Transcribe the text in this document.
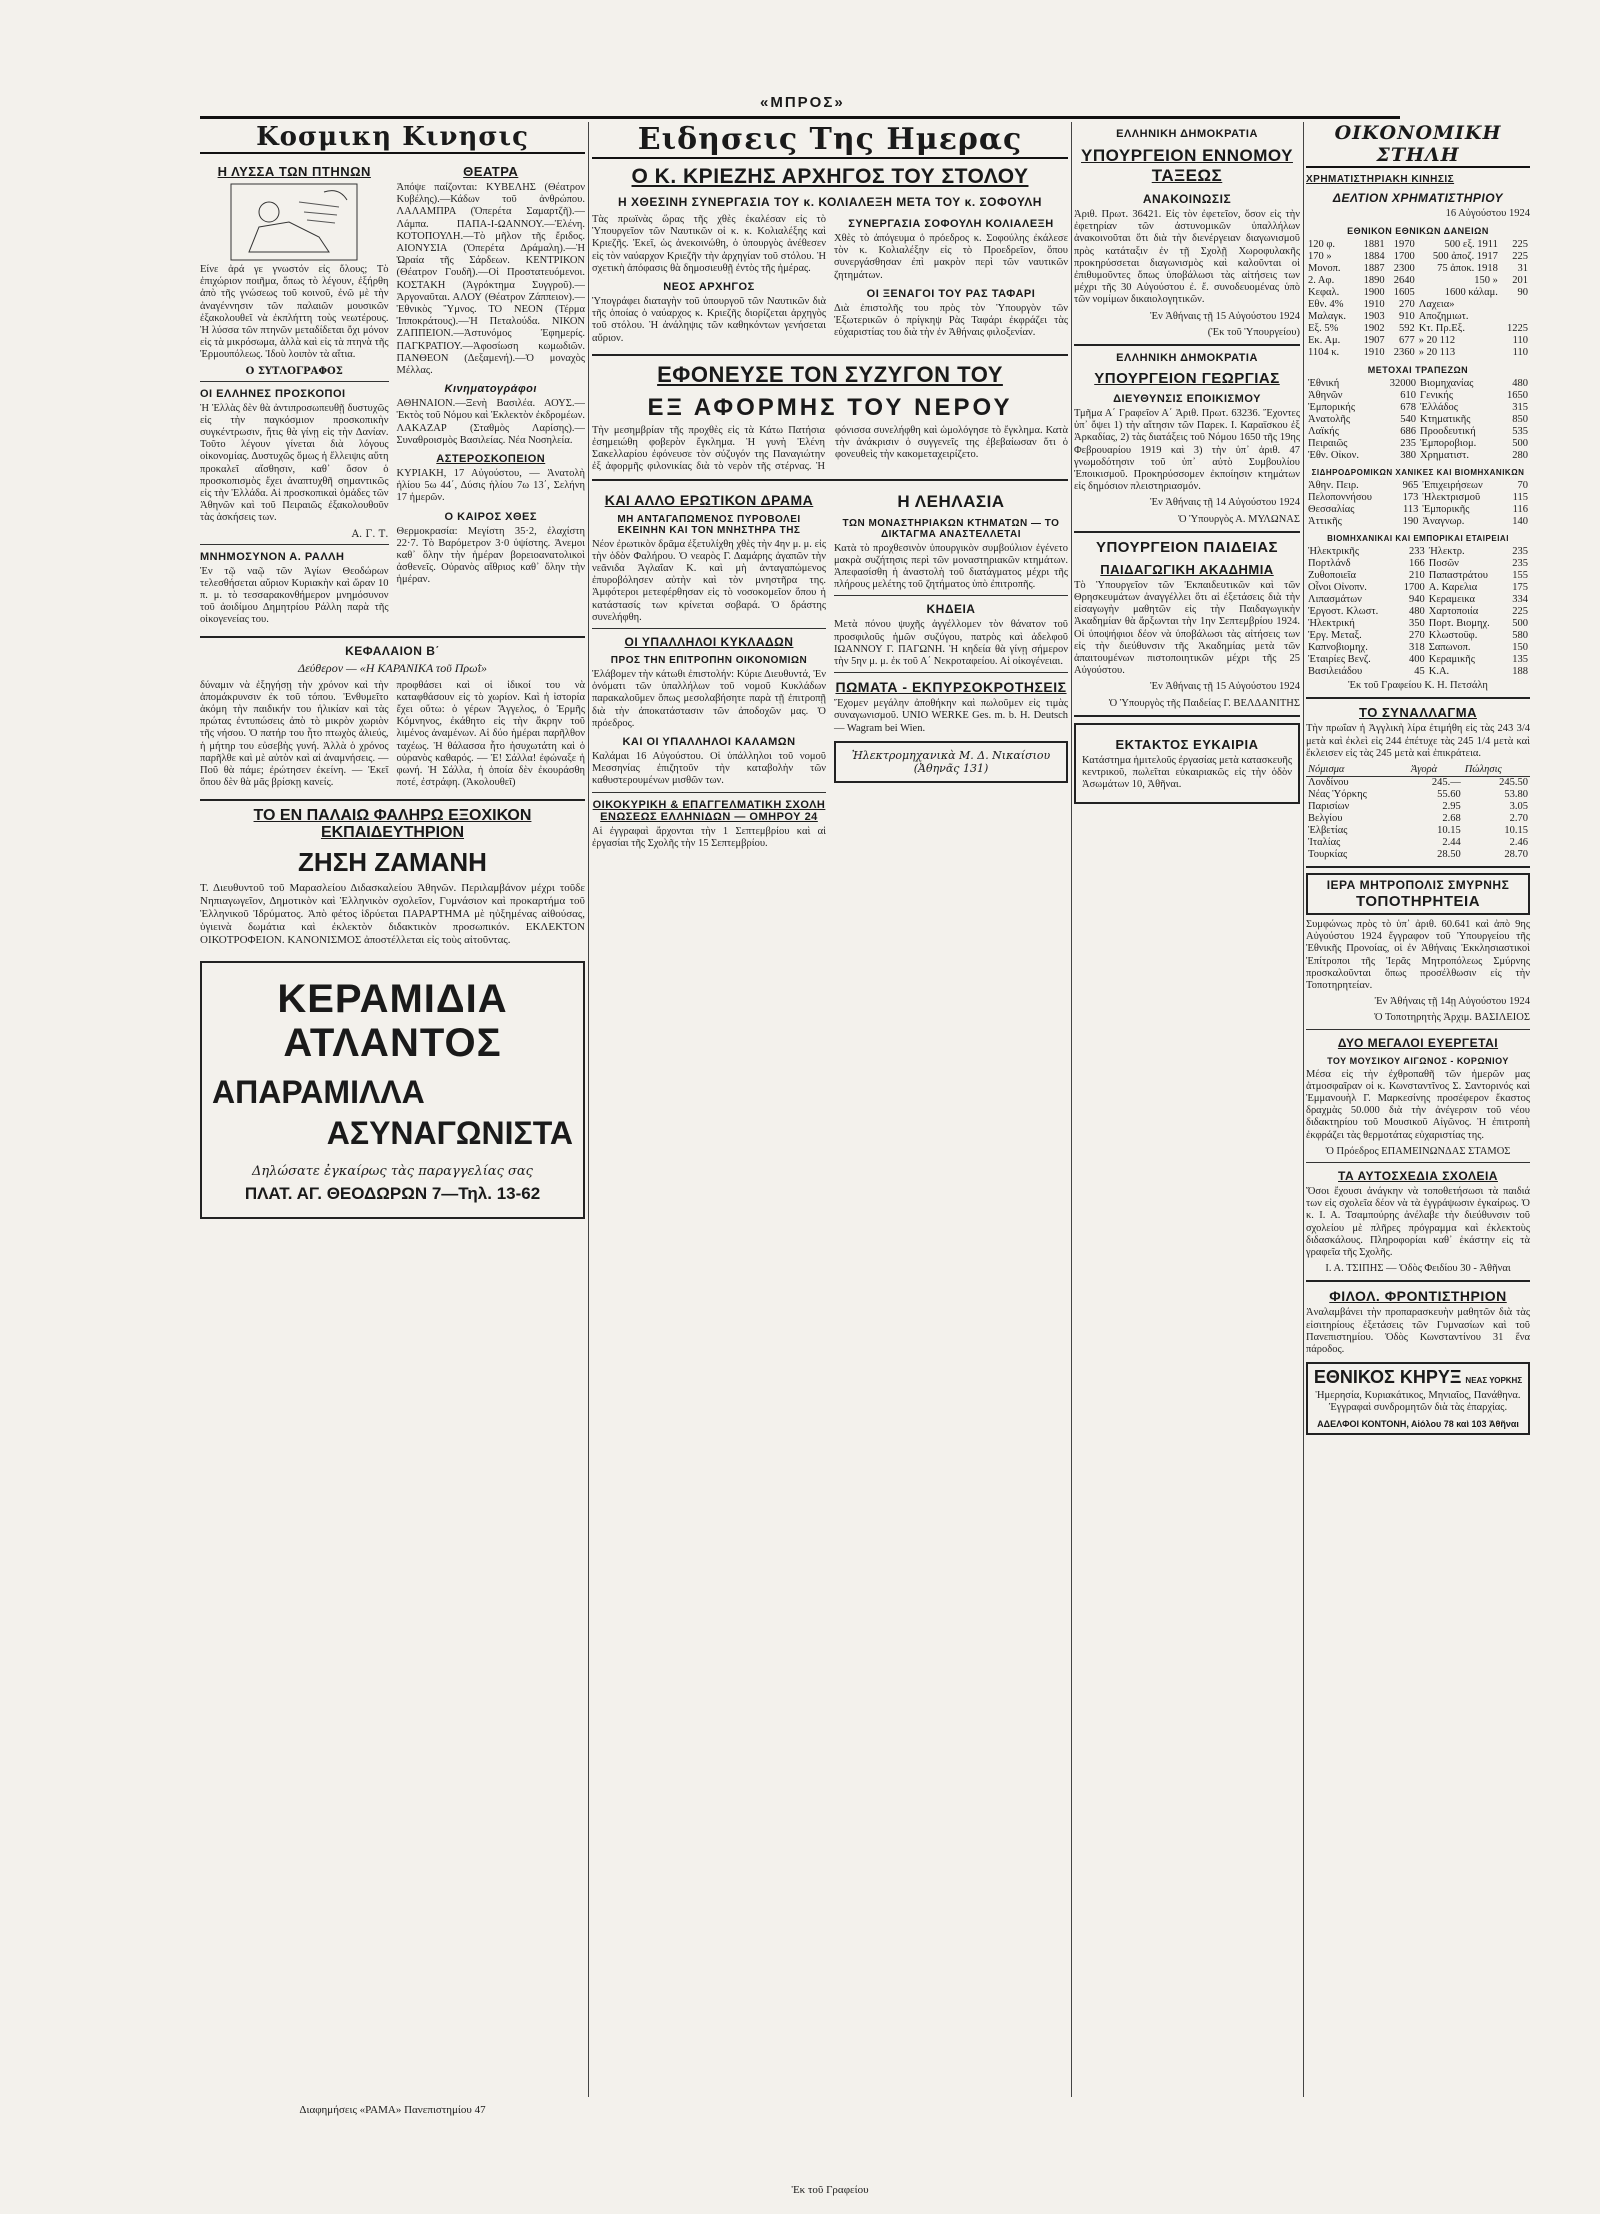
«ΜΠΡΟΣ»
Κοσμικη Κινησις
Η ΛΥΣΣΑ ΤΩΝ ΠΤΗΝΩΝ
Είνε ἀρά γε γνωστόν εἰς ὅλους; Τὸ ἐπιχώριον ποιῆμα, ὅπως τὸ λέγουν, ἐξήρθη ἀπὸ τῆς γνώσεως τοῦ κοινοῦ, ἐνῶ μὲ τὴν ἀναγέννησιν τῶν παλαιῶν μουσικῶν ἐξακολουθεῖ νὰ ἐκπλήττη τοὺς νεωτέρους. Ἡ λύσσα τῶν πτηνῶν μεταδίδεται ὄχι μόνον εἰς τὰ μικρόσωμα, ἀλλὰ καὶ εἰς τὰ πτηνὰ τῆς Ἐρμουπόλεως. Ἰδοὺ λοιπὸν τὰ αἴτια.
Ο ΣΥΤΛΟΓΡΑΦΟΣ
ΟΙ ΕΛΛΗΝΕΣ ΠΡΟΣΚΟΠΟΙ
Ἡ Ἑλλὰς δὲν θὰ ἀντιπροσωπευθῇ δυστυχῶς εἰς τὴν παγκόσμιον προσκοπικὴν συγκέντρωσιν, ἥτις θὰ γίνῃ εἰς τὴν Δανίαν. Τοῦτο λέγουν γίνεται διὰ λόγους οἰκονομίας. Δυστυχῶς ὅμως ἡ ἔλλειψις αὕτη προκαλεῖ αἴσθησιν, καθ᾽ ὅσον ὁ προσκοπισμὸς ἔχει ἀναπτυχθῆ σημαντικῶς εἰς τὴν Ἑλλάδα. Αἱ προσκοπικαὶ ὁμάδες τῶν Ἀθηνῶν καὶ τοῦ Πειραιῶς ἐξακολουθοῦν τὰς ἀσκήσεις των.
Α. Γ. Τ.
ΜΝΗΜΟΣΥΝΟΝ Α. ΡΑΛΛΗ
Ἐν τῷ ναῷ τῶν Ἁγίων Θεοδώρων τελεσθήσεται αὔριον Κυριακὴν καὶ ὥραν 10 π. μ. τὸ τεσσαρακονθήμερον μνημόσυνον τοῦ ἀοιδίμου Δημητρίου Ράλλη παρὰ τῆς οἰκογενείας του.
ΘΕΑΤΡΑ
Ἀπόψε παίζονται: ΚΥΒΕΛΗΣ (Θέατρον Κυβέλης).—Κάδων τοῦ ἀνθρώπου. ΛΑΛΑΜΠΡΑ (Ὀπερέτα Σαμαρτζῆ).—Λάμπα. ΠΑΠΑ-Ι-ΩΑΝΝΟΥ.—Ἐλένη. ΚΟΤΟΠΟΥΛΗ.—Τὸ μῆλον τῆς ἔριδος. ΑΙΟΝΥΣΙΑ (Ὀπερέτα Δράμαλη).—Ἡ Ὡραία τῆς Σάρδεων. ΚΕΝΤΡΙΚΟΝ (Θέατρον Γουδῆ).—Οἱ Προστατευόμενοι. ΚΟΣΤΑΚΗ (Ἀγρόκτημα Συγγροῦ).—Ἀργοναῦται. ΑΛΟΥ (Θέατρον Ζάππειον).—Ἐθνικὸς Ὕμνος. ΤΟ ΝΕΟΝ (Τέρμα Ἱπποκράτους).—Ἡ Πεταλούδα. ΝΙΚΟΝ ΖΑΠΠΕΙΟΝ.—Ἀστυνόμος Ἐφημερίς. ΠΑΓΚΡΑΤΙΟΥ.—Ἀφοσίωση κωμωδιῶν. ΠΑΝΘΕΟΝ (Δεξαμενή).—Ὁ μοναχὸς Μέλλας.
Κινηματογράφοι
ΑΘΗΝΑΙΟΝ.—Ξενὴ Βασιλέα. ΑΟΥΣ.—Ἐκτὸς τοῦ Νόμου καὶ Ἐκλεκτὸν ἐκδρομέων. ΛΑΚΑΖΑΡ (Σταθμὸς Λαρίσης).—Συναθροισμὸς Βασιλείας. Νέα Νοσηλεία.
ΑΣΤΕΡΟΣΚΟΠΕΙΟΝ
ΚΥΡΙΑΚΗ, 17 Αὐγούστου, — Ἀνατολὴ ἡλίου 5ω 44΄, Δύσις ἡλίου 7ω 13΄, Σελήνη 17 ἡμερῶν.
Ο ΚΑΙΡΟΣ ΧΘΕΣ
Θερμοκρασία: Μεγίστη 35·2, ἐλαχίστη 22·7. Τὸ Βαρόμετρον 3·0 ὑψίστης. Ἀνεμοι καθ᾽ ὅλην τὴν ἡμέραν βορειοανατολικοὶ ἀσθενεῖς. Οὐρανὸς αἴθριος καθ᾽ ὅλην τὴν ἡμέραν.
ΚΕΦΑΛΑΙΟΝ Β΄
Δεύθερον — «Η ΚΑΡΑΝΙΚΑ τοῦ Πρωῒ»
δύναμιν νὰ ἐξηγήσῃ τὴν χρόνον καὶ τὴν ἀπομάκρυνσιν ἐκ τοῦ τόπου. Ἐνθυμεῖτο ἀκόμη τὴν παιδικήν του ἡλικίαν καὶ τὰς πρώτας ἐντυπώσεις ἀπὸ τὸ μικρὸν χωριὸν τῆς νήσου. Ὁ πατήρ του ἦτο πτωχὸς ἁλιεύς, ἡ μήτηρ του εὐσεβὴς γυνή. Ἀλλὰ ὁ χρόνος παρῆλθε καὶ μὲ αὐτὸν καὶ αἱ ἀναμνήσεις. — Ποῦ θὰ πάμε; ἐρώτησεν ἐκείνη. — Ἐκεῖ ὅπου δὲν θὰ μᾶς βρίσκῃ κανείς.
προφθάσει καὶ οἱ ἰδικοί του νὰ καταφθάσουν εἰς τὸ χωρίον. Καὶ ἡ ἰστορία ἔχει οὕτω: ὁ γέρων Ἄγγελος, ὁ Ἐρμῆς Κόμνηνος, ἐκάθητο εἰς τὴν ἄκρην τοῦ λιμένος ἀναμένων. Αἱ δύο ἡμέραι παρῆλθον ταχέως. Ἡ θάλασσα ἦτο ἡσυχωτάτη καὶ ὁ οὐρανὸς καθαρός. — Ἐ! Σάλλα! ἐφώναξε ἡ φωνή. Ἡ Σάλλα, ἡ ὁποία δὲν ἐκουράσθη ποτέ, ἐστράφη. (Ἀκολουθεῖ)
ΤΟ ΕΝ ΠΑΛΑΙΩ ΦΑΛΗΡΩ ΕΞΟΧΙΚΟΝ ΕΚΠΑΙΔΕΥΤΗΡΙΟΝ
ΖΗΣΗ ΖΑΜΑΝΗ
Τ. Διευθυντοῦ τοῦ Μαρασλείου Διδασκαλείου Ἀθηνῶν. Περιλαμβάνον μέχρι τοῦδε Νηπιαγωγεῖον, Δημοτικὸν καὶ Ἑλληνικὸν σχολεῖον, Γυμνάσιον καὶ προκαρτήμα τοῦ Ἑλληνικοῦ Ἰδρύματος. Ἀπὸ φέτος ἱδρύεται ΠΑΡΑΡΤΗΜΑ μὲ ηὐξημένας αἰθούσας, ὑγιεινὰ δωμάτια καὶ ἐκλεκτὸν διδακτικὸν προσωπικόν. ΕΚΛΕΚΤΟΝ ΟΙΚΟΤΡΟΦΕΙΟΝ. ΚΑΝΟΝΙΣΜΟΣ ἀποστέλλεται εἰς τοὺς αἰτοῦντας.
ΚΕΡΑΜΙΔΙΑ ΑΤΛΑΝΤΟΣ
ΑΠΑΡΑΜΙΛΛΑ
ΑΣΥΝΑΓΩΝΙΣΤΑ
Δηλώσατε ἐγκαίρως τὰς παραγγελίας σας
ΠΛΑΤ. ΑΓ. ΘΕΟΔΩΡΩΝ 7—Τηλ. 13-62
Διαφημήσεις «ΡΑΜΑ» Πανεπιστημίου 47
Ειδησεις Της Ημερας
Ο Κ. ΚΡΙΕΖΗΣ ΑΡΧΗΓΟΣ ΤΟΥ ΣΤΟΛΟΥ
Η ΧΘΕΣΙΝΗ ΣΥΝΕΡΓΑΣΙΑ ΤΟΥ κ. ΚΟΛΙΑΛΕΞΗ ΜΕΤΑ ΤΟΥ κ. ΣΟΦΟΥΛΗ
Τὰς πρωϊνὰς ὥρας τῆς χθὲς ἐκαλέσαν εἰς τὸ Ὑπουργεῖον τῶν Ναυτικῶν οἱ κ. κ. Κολιαλέξης καὶ Κριεζῆς. Ἐκεῖ, ὡς ἀνεκοινώθη, ὁ ὑπουργὸς ἀνέθεσεν εἰς τὸν ναύαρχον Κριεζῆν τὴν ἀρχηγίαν τοῦ στόλου. Ἡ σχετικὴ ἀπόφασις θὰ δημοσιευθῇ ἐντὸς τῆς ἡμέρας.
ΝΕΟΣ ΑΡΧΗΓΟΣ
Ὑπογράφει διαταγὴν τοῦ ὑπουργοῦ τῶν Ναυτικῶν διὰ τῆς ὁποίας ὁ ναύαρχος κ. Κριεζῆς διορίζεται ἀρχηγὸς τοῦ στόλου. Ἡ ἀνάληψις τῶν καθηκόντων γενήσεται αὔριον.
ΣΥΝΕΡΓΑΣΙΑ ΣΟΦΟΥΛΗ ΚΟΛΙΑΛΕΞΗ
Χθὲς τὸ ἀπόγευμα ὁ πρόεδρος κ. Σοφούλης ἐκάλεσε τὸν κ. Κολιαλέξην εἰς τὸ Προεδρεῖον, ὅπου συνεργάσθησαν ἐπὶ μακρὸν περὶ τῶν ναυτικῶν ζητημάτων.
ΟΙ ΞΕΝΑΓΟΙ ΤΟΥ ΡΑΣ ΤΑΦΑΡΙ
Διὰ ἐπιστολῆς του πρὸς τὸν Ὑπουργὸν τῶν Ἐξωτερικῶν ὁ πρίγκηψ Ρὰς Ταφάρι ἐκφράζει τὰς εὐχαριστίας του διὰ τὴν ἐν Ἀθήναις φιλοξενίαν.
ΕΦΟΝΕΥΣΕ ΤΟΝ ΣΥΖΥΓΟΝ ΤΟΥ
ΕΞ ΑΦΟΡΜΗΣ ΤΟΥ ΝΕΡΟΥ
Τὴν μεσημβρίαν τῆς προχθὲς εἰς τὰ Κάτω Πατήσια ἐσημειώθη φοβερὸν ἔγκλημα. Ἡ γυνὴ Ἐλένη Σακελλαρίου ἐφόνευσε τὸν σύζυγόν της Παναγιώτην ἐξ ἀφορμῆς φιλονικίας διὰ τὸ νερὸν τῆς στέρνας. Ἡ φόνισσα συνελήφθη καὶ ὡμολόγησε τὸ ἔγκλημα. Κατὰ τὴν ἀνάκρισιν ὁ συγγενεῖς της ἐβεβαίωσαν ὅτι ὁ φονευθεὶς τὴν κακομεταχειρίζετο.
ΚΑΙ ΑΛΛΟ ΕΡΩΤΙΚΟΝ ΔΡΑΜΑ
ΜΗ ΑΝΤΑΓΑΠΩΜΕΝΟΣ ΠΥΡΟΒΟΛΕΙ ΕΚΕΙΝΗΝ ΚΑΙ ΤΟΝ ΜΝΗΣΤΗΡΑ ΤΗΣ
Νέον ἐρωτικὸν δρᾶμα ἐξετυλίχθη χθὲς τὴν 4ην μ. μ. εἰς τὴν ὁδὸν Φαλήρου. Ὁ νεαρὸς Γ. Δαμάρης ἀγαπῶν τὴν νεᾶνιδα Ἀγλαΐαν Κ. καὶ μὴ ἀνταγαπώμενος ἐπυροβόλησεν αὐτὴν καὶ τὸν μνηστῆρα της. Ἀμφότεροι μετεφέρθησαν εἰς τὸ νοσοκομεῖον ὅπου ἡ κατάστασίς των κρίνεται σοβαρά. Ὁ δράστης συνελήφθη.
ΟΙ ΥΠΑΛΛΗΛΟΙ ΚΥΚΛΑΔΩΝ
ΠΡΟΣ ΤΗΝ ΕΠΙΤΡΟΠΗΝ ΟΙΚΟΝΟΜΙΩΝ
Ἐλάβομεν τὴν κάτωθι ἐπιστολήν: Κύριε Διευθυντά, Ἐν ὀνόματι τῶν ὑπαλλήλων τοῦ νομοῦ Κυκλάδων παρακαλοῦμεν ὅπως μεσολαβήσητε παρὰ τῇ ἐπιτροπῇ διὰ τὴν ἀποκατάστασιν τῶν ἀποδοχῶν μας. Ὁ πρόεδρος.
ΚΑΙ ΟΙ ΥΠΑΛΛΗΛΟΙ ΚΑΛΑΜΩΝ
Καλάμαι 16 Αὐγούστου. Οἱ ὑπάλληλοι τοῦ νομοῦ Μεσσηνίας ἐπιζητοῦν τὴν καταβολὴν τῶν καθυστερουμένων μισθῶν των.
ΟΙΚΟΚΥΡΙΚΗ & ΕΠΑΓΓΕΛΜΑΤΙΚΗ ΣΧΟΛΗ ΕΝΩΣΕΩΣ ΕΛΛΗΝΙΔΩΝ — ΟΜΗΡΟΥ 24
Αἱ ἐγγραφαὶ ἄρχονται τὴν 1 Σεπτεμβρίου καὶ αἱ ἐργασίαι τῆς Σχολῆς τὴν 15 Σεπτεμβρίου.
Η ΛΕΗΛΑΣΙΑ
ΤΩΝ ΜΟΝΑΣΤΗΡΙΑΚΩΝ ΚΤΗΜΑΤΩΝ — ΤΟ ΔΙΚΤΑΓΜΑ ΑΝΑΣΤΕΛΛΕΤΑΙ
Κατὰ τὸ προχθεσινὸν ὑπουργικὸν συμβούλιον ἐγένετο μακρὰ συζήτησις περὶ τῶν μοναστηριακῶν κτημάτων. Ἀπεφασίσθη ἡ ἀναστολὴ τοῦ διατάγματος μέχρι τῆς πλήρους μελέτης τοῦ ζητήματος ὑπὸ ἐπιτροπῆς.
ΚΗΔΕΙΑ
Μετὰ πόνου ψυχῆς ἀγγέλλομεν τὸν θάνατον τοῦ προσφιλοῦς ἡμῶν συζύγου, πατρὸς καὶ ἀδελφοῦ ΙΩΑΝΝΟΥ Γ. ΠΑΓΩΝΗ. Ἡ κηδεία θὰ γίνῃ σήμερον τὴν 5ην μ. μ. ἐκ τοῦ Α΄ Νεκροταφείου. Αἱ οἰκογένειαι.
ΠΩΜΑΤΑ - ΕΚΠΥΡΣΟΚΡΟΤΗΣΕΙΣ
Ἔχομεν μεγάλην ἀποθήκην καὶ πωλοῦμεν εἰς τιμὰς συναγωνισμοῦ. UNIO WERKE Ges. m. b. H. Deutsch — Wagram bei Wien.
Ἠλεκτρομηχανικὰ Μ. Δ. Νικαίσιου (Ἀθηνᾶς 131)
Ἐκ τοῦ Γραφείου
ΕΛΛΗΝΙΚΗ ΔΗΜΟΚΡΑΤΙΑ
ΥΠΟΥΡΓΕΙΟΝ ΕΝΝΟΜΟΥ ΤΑΞΕΩΣ
ΑΝΑΚΟΙΝΩΣΙΣ
Ἀριθ. Πρωτ. 36421. Εἰς τὸν ἐφετεῖον, ὅσον εἰς τὴν ἐφετηρίαν τῶν ἀστυνομικῶν ὑπαλλήλων ἀνακοινοῦται ὅτι διὰ τὴν διενέργειαν διαγωνισμοῦ πρὸς κατάταξιν ἐν τῇ Σχολῇ Χωροφυλακῆς προκηρύσσεται διαγωνισμὸς καὶ καλοῦνται οἱ ἐπιθυμοῦντες ὅπως ὑποβάλωσι τὰς αἰτήσεις των μέχρι τῆς 30 Αὐγούστου ἐ. ἔ. συνοδευομένας ὑπὸ τῶν νομίμων δικαιολογητικῶν.
Ἐν Ἀθήναις τῇ 15 Αὐγούστου 1924
(Ἐκ τοῦ Ὑπουργείου)
ΕΛΛΗΝΙΚΗ ΔΗΜΟΚΡΑΤΙΑ
ΥΠΟΥΡΓΕΙΟΝ ΓΕΩΡΓΙΑΣ
ΔΙΕΥΘΥΝΣΙΣ ΕΠΟΙΚΙΣΜΟΥ
Τμῆμα Α΄ Γραφεῖον Α΄ Ἀριθ. Πρωτ. 63236. Ἔχοντες ὑπ᾽ ὄψει 1) τὴν αἴτησιν τῶν Παρεκ. Ι. Καραϊσκου ἐξ Ἀρκαδίας, 2) τὰς διατάξεις τοῦ Νόμου 1650 τῆς 19ης Φεβρουαρίου 1919 καὶ 3) τὴν ὑπ᾽ ἀριθ. 47 γνωμοδότησιν τοῦ ὑπ᾽ αὐτὸ Συμβουλίου Ἐποικισμοῦ. Προκηρύσσομεν ἐκποίησιν κτημάτων εἰς δημόσιον πλειστηριασμόν.
Ἐν Ἀθήναις τῇ 14 Αὐγούστου 1924
Ὁ Ὑπουργὸς Α. ΜΥΛΩΝΑΣ
ΥΠΟΥΡΓΕΙΟΝ ΠΑΙΔΕΙΑΣ
ΠΑΙΔΑΓΩΓΙΚΗ ΑΚΑΔΗΜΙΑ
Τὸ Ὑπουργεῖον τῶν Ἐκπαιδευτικῶν καὶ τῶν Θρησκευμάτων ἀναγγέλλει ὅτι αἱ ἐξετάσεις διὰ τὴν εἰσαγωγὴν μαθητῶν εἰς τὴν Παιδαγωγικὴν Ἀκαδημίαν θὰ ἄρξωνται τὴν 1ην Σεπτεμβρίου 1924. Οἱ ὑποψήφιοι δέον νὰ ὑποβάλωσι τὰς αἰτήσεις των εἰς τὴν διεύθυνσιν τῆς Ἀκαδημίας μετὰ τῶν ἀπαιτουμένων πιστοποιητικῶν μέχρι τῆς 25 Αὐγούστου.
Ἐν Ἀθήναις τῇ 15 Αὐγούστου 1924
Ὁ Ὑπουργὸς τῆς Παιδείας Γ. ΒΕΛΔΑΝΙΤΗΣ
ΕΚΤΑΚΤΟΣ ΕΥΚΑΙΡΙΑ
Κατάστημα ἡμιτελοῦς ἐργασίας μετὰ κατασκευῆς κεντρικοῦ, πωλεῖται εὐκαιριακῶς εἰς τὴν ὁδὸν Ἀσωμάτων 10, Ἀθῆναι.
ΟΙΚΟΝΟΜΙΚΗ ΣΤΗΛΗ
ΧΡΗΜΑΤΙΣΤΗΡΙΑΚΗ ΚΙΝΗΣΙΣ
ΔΕΛΤΙΟΝ ΧΡΗΜΑΤΙΣΤΗΡΙΟΥ
16 Αὐγούστου 1924
ΕΘΝΙΚΟΝ ΕΘΝΙΚΩΝ ΔΑΝΕΙΩΝ
120 φ.	1881	1970	500 εξ. 1911	225
170 »	1884	1700	500 ἀποζ. 1917	225
Μονοπ.	1887	2300	75 ἀποκ. 1918	31
2. Αφ.	1890	2640	150 »	201
Κεφαλ.	1900	1605	1600 κάλαμ.	90
Εθν. 4%	1910	270	Λαχεια»	
Μαλαγκ.	1903	910	Αποζημιωτ.	
Εξ. 5%	1902	592	Κτ. Πρ.Εξ.	1225
Εκ. Αμ.	1907	677	» 20 112	110
1104 κ.	1910	2360	» 20 113	110
ΜΕΤΟΧΑΙ ΤΡΑΠΕΖΩΝ
Ἐθνική	32000	Βιομηχανίας	480
Ἀθηνῶν	610	Γενικής	1650
Ἐμπορικής	678	Ἐλλάδος	315
Ἀνατολῆς	540	Κτηματικῆς	850
Λαϊκής	686	Προοδευτική	535
Πειραιῶς	235	Ἐμποροβιομ.	500
Ἐθν. Οἰκον.	380	Χρηματιστ.	280
ΣΙΔΗΡΟΔΡΟΜΙΚΩΝ ΧΑΝΙΚΕΣ ΚΑΙ ΒΙΟΜΗΧΑΝΙΚΩΝ
Ἀθην. Πειρ.	965	Ἐπιχειρήσεων	70
Πελοποννήσου	173	Ἡλεκτρισμοῦ	115
Θεσσαλίας	113	Ἐμπορικῆς	116
Ἀττικῆς	190	Ἀναγνωρ.	140
ΒΙΟΜΗΧΑΝΙΚΑΙ ΚΑΙ ΕΜΠΟΡΙΚΑΙ ΕΤΑΙΡΕΙΑΙ
Ἠλεκτρικῆς	233	Ἠλεκτρ.	235
Πορτλάνδ	166	Ποσῶν	235
Ζυθοποιεῖα	210	Παπαστράτου	155
Οἶνοι Οἰνοπν.	1700	Α. Καρελια	175
Λιπασμάτων	940	Κεραμεικα	334
Ἐργοστ. Κλωστ.	480	Χαρτοποιία	225
Ἠλεκτρική	350	Πορτ. Βιομηχ.	500
Ἐργ. Μεταξ.	270	Κλωστοϋφ.	580
Καπνοβιομηχ.	318	Σαπωνοπ.	150
Ἐταιρίες Βενζ.	400	Κεραμικῆς	135
Βασιλειάδου	45	Κ.Α.	188
Ἐκ τοῦ Γραφείου Κ. Η. Πετσάλη
ΤΟ ΣΥΝΑΛΛΑΓΜΑ
Τὴν πρωΐαν ἡ Ἀγγλικὴ λίρα ἐτιμήθη εἰς τὰς 243 3/4 μετὰ καὶ ἐκλεὶ εἰς 244 ἐπέτυχε τὰς 245 1/4 μετὰ καὶ ἔκλεισεν εἰς τὰς 245 μετὰ καὶ ἐπικράτεια.
Νόμισμα	Ἀγορὰ	Πώλησις
Λονδίνου	245.—	245.50
Νέας Ὑόρκης	55.60	53.80
Παρισίων	2.95	3.05
Βελγίου	2.68	2.70
Ἑλβετίας	10.15	10.15
Ἰταλίας	2.44	2.46
Τουρκίας	28.50	28.70
ΙΕΡΑ ΜΗΤΡΟΠΟΛΙΣ ΣΜΥΡΝΗΣ
ΤΟΠΟΤΗΡΗΤΕΙΑ
Συμφώνως πρὸς τὸ ὑπ᾽ ἀριθ. 60.641 καὶ ἀπὸ 9ης Αὐγούστου 1924 ἔγγραφον τοῦ Ὑπουργείου τῆς Ἐθνικῆς Προνοίας, οἱ ἐν Ἀθήναις Ἐκκλησιαστικοὶ Ἐπίτροποι τῆς Ἱερᾶς Μητροπόλεως Σμύρνης προσκαλοῦνται ὅπως προσέλθωσιν εἰς τὴν Τοποτηρητείαν.
Ἐν Ἀθήναις τῇ 14ῃ Αὐγούστου 1924
Ὁ Τοποτηρητὴς Ἀρχιμ. ΒΑΣΙΛΕΙΟΣ
ΔΥΟ ΜΕΓΑΛΟΙ ΕΥΕΡΓΕΤΑΙ
ΤΟΥ ΜΟΥΣΙΚΟΥ ΑΙΓΩΝΟΣ - ΚΟΡΩΝΙΟΥ
Μέσα εἰς τὴν ἐχθροπαθῆ τῶν ἡμερῶν μας ἀτμοσφαῖραν οἱ κ. Κωνσταντῖνος Σ. Σαντορινός καὶ Ἐμμανουὴλ Γ. Μαρκεσίνης προσέφερον ἕκαστος δραχμὰς 50.000 διὰ τὴν ἀνέγερσιν τοῦ νέου διδακτηρίου τοῦ Μουσικοῦ Αἰγῶνος. Ἡ ἐπιτροπὴ ἐκφράζει τὰς θερμοτάτας εὐχαριστίας της.
Ὁ Πρόεδρος ΕΠΑΜΕΙΝΩΝΔΑΣ ΣΤΑΜΟΣ
ΤΑ ΑΥΤΟΣΧΕΔΙΑ ΣΧΟΛΕΙΑ
Ὅσοι ἔχουσι ἀνάγκην νὰ τοποθετήσωσι τὰ παιδιά των εἰς σχολεῖα δέον νὰ τὰ ἐγγράψωσιν ἐγκαίρως. Ὁ κ. Ι. Α. Τσαμπούρης ἀνέλαβε τὴν διεύθυνσιν τοῦ σχολείου μὲ πλῆρες πρόγραμμα καὶ ἐκλεκτοὺς διδασκάλους. Πληροφορίαι καθ᾽ ἑκάστην εἰς τὰ γραφεῖα τῆς Σχολῆς.
Ι. Α. ΤΣΙΠΗΣ — Ὁδὸς Φειδίου 30 - Ἀθῆναι
ΦΙΛΟΛ. ΦΡΟΝΤΙΣΤΗΡΙΟΝ
Ἀναλαμβάνει τὴν προπαρασκευὴν μαθητῶν διὰ τὰς εἰσιτηρίους ἐξετάσεις τῶν Γυμνασίων καὶ τοῦ Πανεπιστημίου. Ὁδὸς Κωνσταντίνου 31 ἕνα πάροδος.
ΕΘΝΙΚΟΣ ΚΗΡΥΞ ΝΕΑΣ ΥΟΡΚΗΣ
Ἡμερησία, Κυριακάτικος, Μηνιαῖος, Πανάθηνα. Ἐγγραφαὶ συνδρομητῶν διὰ τὰς ἐπαρχίας.
ΑΔΕΛΦΟΙ ΚΟΝΤΟΝΗ, Αἰόλου 78 καὶ 103 Ἀθῆναι
